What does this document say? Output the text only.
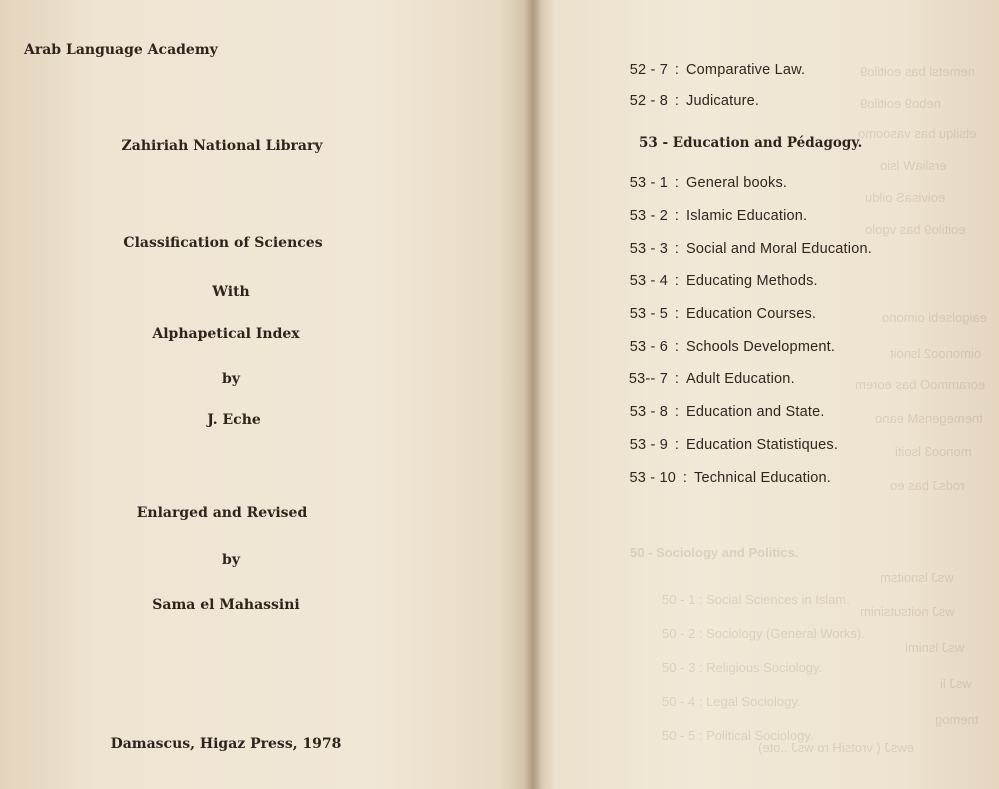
nemetsl bas eoitilo9
nebo9 eoitilo9
etsilqu bas vasoomo
ersliaW lsio
eoivisaS oildu
eoitilo9 bas vgolo
eaigolsebi oimono
oimonoo2 lsnoit
eorammoO bas eorem
tnemegensM eano
monoo3 lsoiti
rodsJ bas eo
50 - Sociology and Politics.
50 - 1 : Social Sciences in Islam.
50 - 2 : Sociology (General Works).
50 - 3 : Religious Sociology.
50 - 4 : Legal Sociology.
50 - 5 : Political Sociology.
wsJ lsnoitsm
wsJ noitsutsinim
wsJ lsnimi
wsJ li
tnemog
ewsJ ( vrotsiH ro wsJ ..ote)
Arab Language Academy
Zahiriah National Library
Classification of Sciences
With
Alphapetical Index
by
J. Eche
Enlarged and Revised
by
Sama el Mahassini
Damascus, Higaz Press, 1978
52 - 7 : Comparative Law.
52 - 8 : Judicature.
53 - Education and Pédagogy.
53 - 1 : General books.
53 - 2 : Islamic Education.
53 - 3 : Social and Moral Education.
53 - 4 : Educating Methods.
53 - 5 : Education Courses.
53 - 6 : Schools Development.
53-- 7 : Adult Education.
53 - 8 : Education and State.
53 - 9 : Education Statistiques.
53 - 10 : Technical Education.
